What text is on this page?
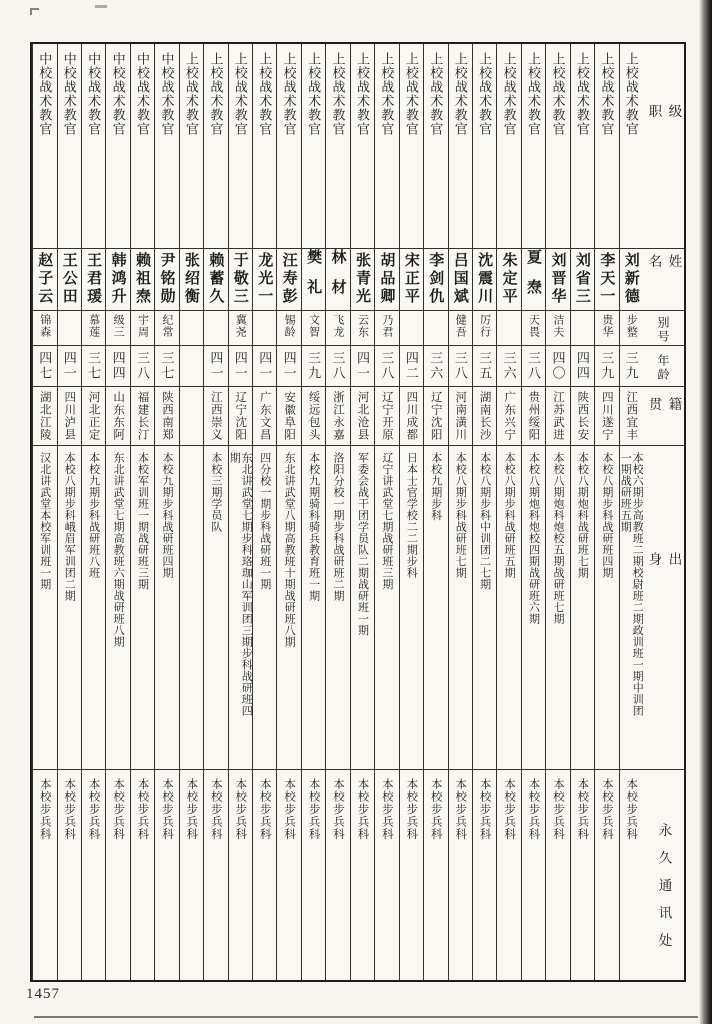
级职
姓名
别号
年龄
籍贯
出身
永久通讯处
上校战术教官
刘新德
步整
三九
江西宜丰
本校六期步高教班二期校尉班二期政训班一期中训团一期战研班五期
本校步兵科
上校战术教官
李天一
贵华
三九
四川遂宁
本校八期步科战研班四期
本校步兵科
上校战术教官
刘省三
四四
陕西长安
本校八期炮科战研班七期
本校步兵科
上校战术教官
刘晋华
洁夫
四〇
江苏武进
本校八期炮科炮校五期战研班七期
本校步兵科
上校战术教官
夏焘
天畏
三八
贵州绥阳
本校八期炮科炮校四期战研班六期
本校步兵科
上校战术教官
朱定平
三六
广东兴宁
本校八期步科战研班五期
本校步兵科
上校战术教官
沈震川
厉行
三五
湖南长沙
本校八期步科中训团二七期
本校步兵科
上校战术教官
吕国斌
健吾
三八
河南潢川
本校八期步科战研班七期
本校步兵科
上校战术教官
李剑仇
三六
辽宁沈阳
本校九期步科
本校步兵科
上校战术教官
宋正平
四二
四川成都
日本士官学校二二期步科
本校步兵科
上校战术教官
胡品卿
乃君
三八
辽宁开原
辽宁讲武堂七期战研班三期
本校步兵科
上校战术教官
张青光
云东
四一
河北沧县
军委会战干团学员队二期战研班一期
本校步兵科
上校战术教官
林材
飞龙
三八
浙江永嘉
洛阳分校一期步科战研班二期
本校步兵科
上校战术教官
樊礼
文智
三九
绥远包头
本校九期骑科骑兵教育班一期
本校步兵科
上校战术教官
汪寿彭
锡龄
四一
安徽阜阳
东北讲武堂八期高教班十期战研班八期
本校步兵科
上校战术教官
龙光一
四一
广东文昌
四分校一期步科战研班一期
本校步兵科
上校战术教官
于敬三
冀尧
四一
辽宁沈阳
东北讲武堂七期步科珞珈山军训团三期步科战研班四期
本校步兵科
上校战术教官
赖蓄久
四一
江西崇义
本校三期学员队
本校步兵科
上校战术教官
张绍衡
本校步兵科
中校战术教官
尹铭勋
纪常
三七
陕西南郑
本校九期步科战研班四期
本校步兵科
中校战术教官
赖祖焘
宇周
三八
福建长汀
本校军训班一期战研班三期
本校步兵科
中校战术教官
韩鸿升
级三
四四
山东东阿
东北讲武堂七期高教班六期战研班八期
本校步兵科
中校战术教官
王君瑗
慕莲
三七
河北正定
本校九期步科战研班八班
本校步兵科
中校战术教官
王公田
四一
四川泸县
本校八期步科峨眉军训团二期
本校步兵科
中校战术教官
赵子云
锦森
四七
湖北江陵
汉北讲武堂本校军训班一期
本校步兵科
1457
